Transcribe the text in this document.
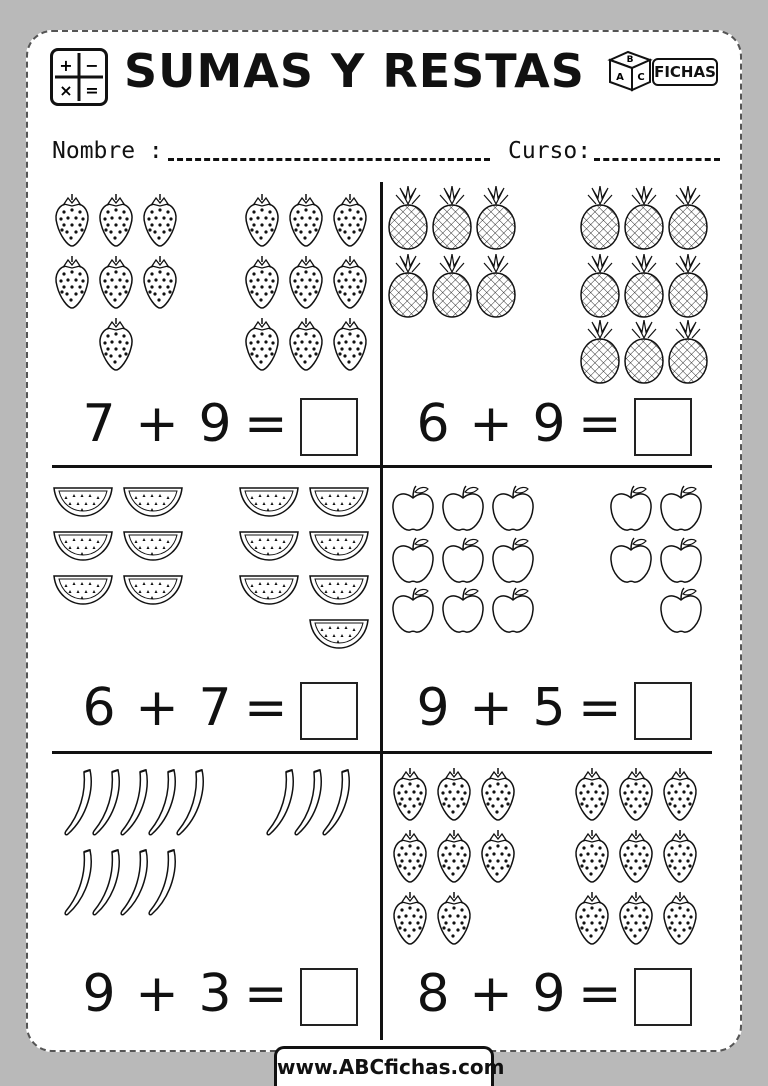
+ −
× = SUMAS Y RESTAS	B
A C FICHAS
Nombre :	Curso:
7 + 9 = 6 + 9 =
6 + 7 = 9 + 5 =
9 + 3 = 8 + 9 =
www.ABCfichas.com
